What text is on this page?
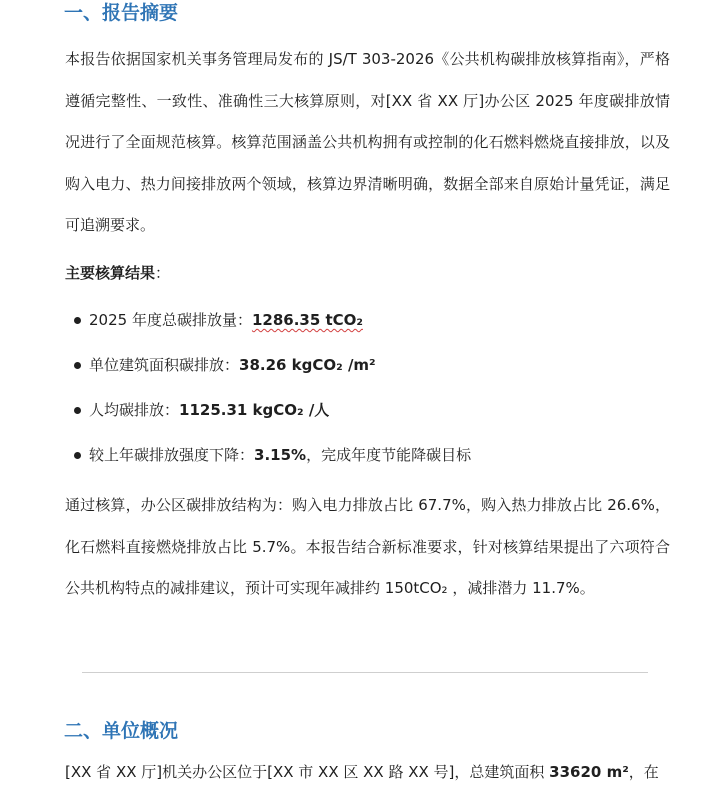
一、报告摘要

本报告依据国家机关事务管理局发布的 JS/T 303-2026《公共机构碳排放核算指南》，严格遵循完整性、一致性、准确性三大核算原则，对[XX 省 XX 厅]办公区 2025 年度碳排放情况进行了全面规范核算。核算范围涵盖公共机构拥有或控制的化石燃料燃烧直接排放，以及购入电力、热力间接排放两个领域，核算边界清晰明确，数据全部来自原始计量凭证，满足可追溯要求。

主要核算结果：
2025 年度总碳排放量：1286.35 tCO₂
单位建筑面积碳排放：38.26 kgCO₂ /m²
人均碳排放：1125.31 kgCO₂ /人
较上年碳排放强度下降：3.15%，完成年度节能降碳目标

通过核算，办公区碳排放结构为：购入电力排放占比 67.7%，购入热力排放占比 26.6%，化石燃料直接燃烧排放占比 5.7%。本报告结合新标准要求，针对核算结果提出了六项符合公共机构特点的减排建议，预计可实现年减排约 150tCO₂ ，减排潜力 11.7%。

二、单位概况

[XX 省 XX 厅]机关办公区位于[XX 市 XX 区 XX 路 XX 号]，总建筑面积 33620 m²，在
